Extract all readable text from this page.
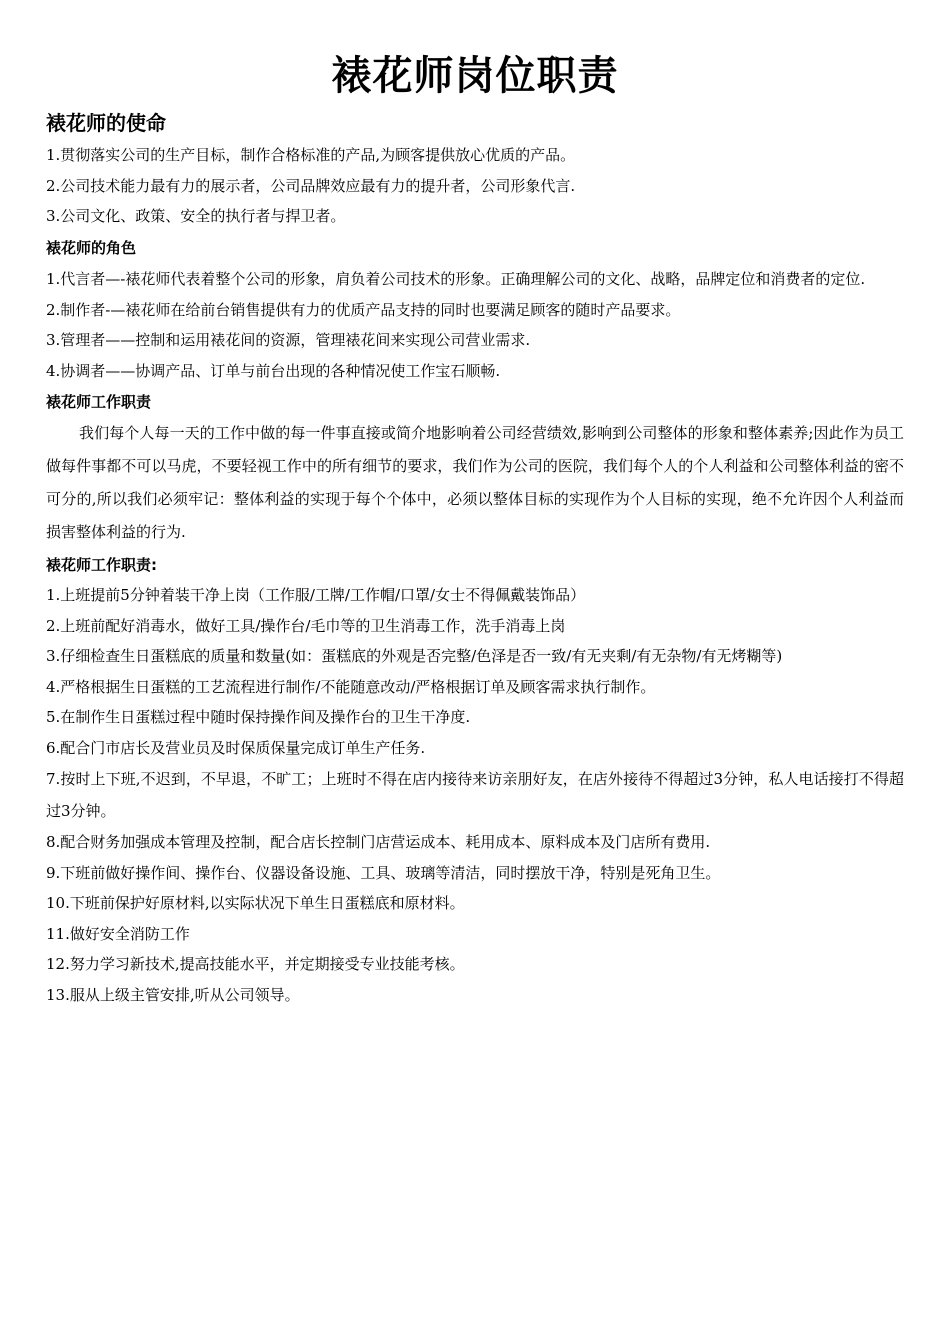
裱花师岗位职责
裱花师的使命

1.贯彻落实公司的生产目标，制作合格标准的产品,为顾客提供放心优质的产品。

2.公司技术能力最有力的展示者，公司品牌效应最有力的提升者，公司形象代言.

3.公司文化、政策、安全的执行者与捍卫者。

裱花师的角色

1.代言者—-裱花师代表着整个公司的形象，肩负着公司技术的形象。正确理解公司的文化、战略，品牌定位和消费者的定位.

2.制作者-—裱花师在给前台销售提供有力的优质产品支持的同时也要满足顾客的随时产品要求。

3.管理者——控制和运用裱花间的资源，管理裱花间来实现公司营业需求.

4.协调者——协调产品、订单与前台出现的各种情况使工作宝石顺畅.

裱花师工作职责

我们每个人每一天的工作中做的每一件事直接或简介地影响着公司经营绩效,影响到公司整体的形象和整体素养;因此作为员工做每件事都不可以马虎，不要轻视工作中的所有细节的要求，我们作为公司的医院，我们每个人的个人利益和公司整体利益的密不可分的,所以我们必须牢记：整体利益的实现于每个个体中，必须以整体目标的实现作为个人目标的实现，绝不允许因个人利益而损害整体利益的行为.

裱花师工作职责:

1.上班提前5分钟着装干净上岗（工作服/工牌/工作帽/口罩/女士不得佩戴装饰品）

2.上班前配好消毒水，做好工具/操作台/毛巾等的卫生消毒工作，洗手消毒上岗

3.仔细检查生日蛋糕底的质量和数量(如：蛋糕底的外观是否完整/色泽是否一致/有无夹剩/有无杂物/有无烤糊等)

4.严格根据生日蛋糕的工艺流程进行制作/不能随意改动/严格根据订单及顾客需求执行制作。

5.在制作生日蛋糕过程中随时保持操作间及操作台的卫生干净度.

6.配合门市店长及营业员及时保质保量完成订单生产任务.

7.按时上下班,不迟到，不早退，不旷工；上班时不得在店内接待来访亲朋好友，在店外接待不得超过3分钟，私人电话接打不得超过3分钟。

8.配合财务加强成本管理及控制，配合店长控制门店营运成本、耗用成本、原料成本及门店所有费用.

9.下班前做好操作间、操作台、仪器设备设施、工具、玻璃等清洁，同时摆放干净，特别是死角卫生。

10.下班前保护好原材料,以实际状况下单生日蛋糕底和原材料。

11.做好安全消防工作

12.努力学习新技术,提高技能水平，并定期接受专业技能考核。

13.服从上级主管安排,听从公司领导。
